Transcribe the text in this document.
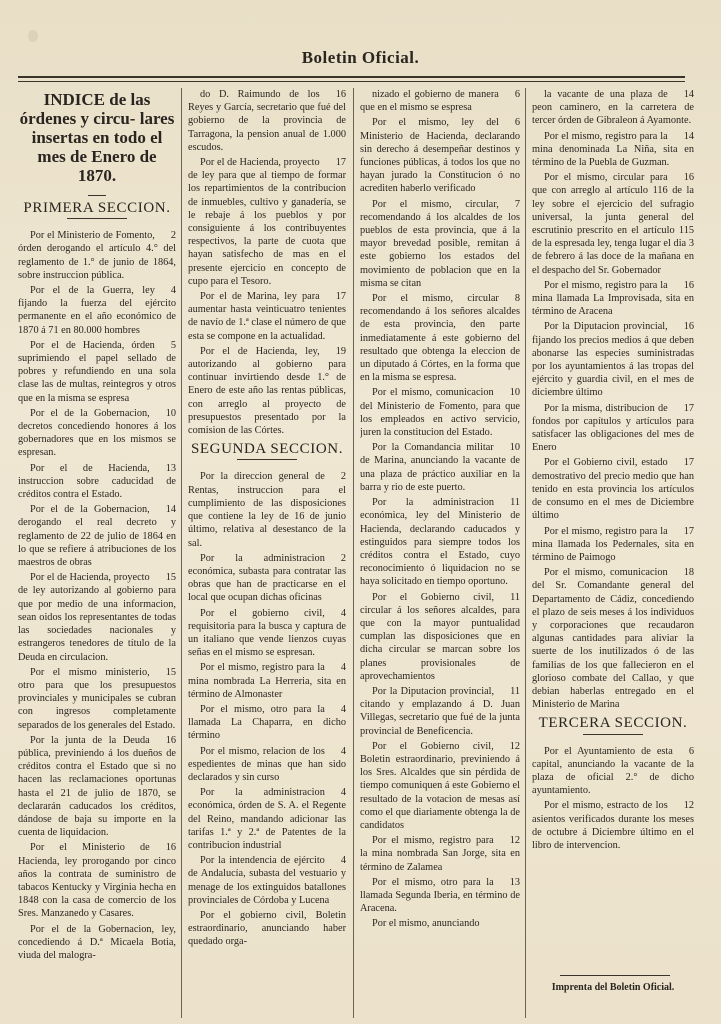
Boletin Oficial.
INDICE de las órdenes y circu- lares insertas en todo el mes de Enero de 1870.
PRIMERA SECCION.

2
Por el Ministerio de Fomento, órden derogando el artículo 4.° del reglamento de 1.° de junio de 1864, sobre instruccion pública.

4
Por el de la Guerra, ley fijando la fuerza del ejército permanente en el año económico de 1870 á 71 en 80.000 hombres

5
Por el de Hacienda, órden suprimiendo el papel sellado de pobres y refundiendo en una sola clase las de multas, reintegros y otros que en la misma se espresa

10
Por el de la Gobernacion, decretos concediendo honores á los gobernadores que en los mismos se espresan.

13
Por el de Hacienda, instruccion sobre caducidad de créditos contra el Estado.

14
Por el de la Gobernacion, derogando el real decreto y reglamento de 22 de julio de 1864 en lo que se refiere á atribuciones de los maestros de obras

15
Por el de Hacienda, proyecto de ley autorizando al gobierno para que por medio de una informacion, sean oidos los representantes de todas las sociedades nacionales y estrangeros tenedores de título de la Deuda en circulacion.

15
Por el mismo ministerio, otro para que los presupuestos provinciales y municipales se cubran con ingresos completamente separados de los generales del Estado.

16
Por la junta de la Deuda pública, previniendo á los dueños de créditos contra el Estado que si no hacen las reclamaciones oportunas hasta el 21 de julio de 1870, se declararán caducados los créditos, dándose de baja su importe en la cuenta de liquidacion.

16
Por el Ministerio de Hacienda, ley prorogando por cinco años la contrata de suministro de tabacos Kentucky y Virginia hecha en 1848 con la casa de comercio de los Sres. Manzanedo y Casares.

Por el de la Gobernacion, ley, concediendo á D.ª Micaela Botia, viuda del malogra-

16
do D. Raimundo de los Reyes y García, secretario que fué del gobierno de la provincia de Tarragona, la pension anual de 1.000 escudos.

17
Por el de Hacienda, proyecto de ley para que al tiempo de formar los repartimientos de la contribucion de inmuebles, cultivo y ganadería, se le rebaje á los pueblos y por consiguiente á los contribuyentes respectivos, la parte de cuota que hayan satisfecho de mas en el presente ejercicio en concepto de cupo para el Tesoro.

17
Por el de Marina, ley para aumentar hasta veinticuatro tenientes de navío de 1.ª clase el número de que esta se compone en la actualidad.

19
Por el de Hacienda, ley, autorizando al gobierno para continuar invirtiendo desde 1.° de Enero de este año las rentas públicas, con arreglo al proyecto de presupuestos presentado por la comision de las Córtes.

SEGUNDA SECCION.

2
Por la direccion general de Rentas, instruccion para el cumplimiento de las disposiciones que contiene la ley de 16 de junio último, relativa al desestanco de la sal.

2
Por la administracion económica, subasta para contratar las obras que han de practicarse en el local que ocupan dichas oficinas

4
Por el gobierno civil, requisitoria para la busca y captura de un italiano que vende lienzos cuyas señas en el mismo se espresan.

4
Por el mismo, registro para la mina nombrada La Herreria, sita en término de Almonaster

4
Por el mismo, otro para la llamada La Chaparra, en dicho término

4
Por el mismo, relacion de los espedientes de minas que han sido declarados y sin curso

4
Por la administracion económica, órden de S. A. el Regente del Reino, mandando adicionar las tarifas 1.ª y 2.ª de Patentes de la contribucion industrial

4
Por la intendencia de ejército de Andalucía, subasta del vestuario y menage de los extinguidos batallones provinciales de Córdoba y Lucena

Por el gobierno civil, Boletin estraordinario, anunciando haber quedado orga-

6
nizado el gobierno de manera que en el mismo se espresa

6
Por el mismo, ley del Ministerio de Hacienda, declarando sin derecho á desempeñar destinos y funciones públicas, á todos los que no hayan jurado la Constitucion ó no acrediten haberlo verificado

7
Por el mismo, circular, recomendando á los alcaldes de los pueblos de esta provincia, que á la mayor brevedad posible, remitan á este gobierno los estados del movimiento de poblacion que en la misma se citan

8
Por el mismo, circular recomendando á los señores alcaldes de esta provincia, den parte inmediatamente á este gobierno del resultado que obtenga la eleccion de un diputado á Córtes, en la forma que en la misma se espresa.

10
Por el mismo, comunicacion del Ministerio de Fomento, para que los empleados en activo servicio, juren la constitucion del Estado.

10
Por la Comandancia militar de Marina, anunciando la vacante de una plaza de práctico auxiliar en la barra y rio de este puerto.

11
Por la administracion económica, ley del Ministerio de Hacienda, declarando caducados y estinguidos para siempre todos los créditos contra el Estado, cuyo reconocimiento ó liquidacion no se haya solicitado en tiempo oportuno.

11
Por el Gobierno civil, circular á los señores alcaldes, para que con la mayor puntualidad cumplan las disposiciones que en dicha circular se marcan sobre los planes provisionales de aprovechamientos

11
Por la Diputacion provincial, citando y emplazando á D. Juan Villegas, secretario que fué de la junta provincial de Beneficencia.

12
Por el Gobierno civil, Boletin estraordinario, previniendo á los Sres. Alcaldes que sin pérdida de tiempo comuniquen á este Gobierno el resultado de la votacion de mesas así como el que diariamente obtenga la de candidatos

12
Por el mismo, registro para la mina nombrada San Jorge, sita en término de Zalamea

13
Por el mismo, otro para la llamada Segunda Iberia, en término de Aracena.

Por el mismo, anunciando

14
la vacante de una plaza de peon caminero, en la carretera de tercer órden de Gibraleon á Ayamonte.

14
Por el mismo, registro para la mina denominada La Niña, sita en término de la Puebla de Guzman.

16
Por el mismo, circular para que con arreglo al artículo 116 de la ley sobre el ejercicio del sufragio universal, la junta general del escrutinio prescrito en el artículo 115 de la espresada ley, tenga lugar el dia 3 de febrero á las doce de la mañana en el despacho del Sr. Gobernador

16
Por el mismo, registro para la mina llamada La Improvisada, sita en término de Aracena

16
Por la Diputacion provincial, fijando los precios medios á que deben abonarse las especies suministradas por los ayuntamientos á las tropas del ejército y guardia civil, en el mes de diciembre último

17
Por la misma, distribucion de fondos por capítulos y artículos para satisfacer las obligaciones del mes de Enero

17
Por el Gobierno civil, estado demostrativo del precio medio que han tenido en esta provincia los artículos de consumo en el mes de Diciembre último

17
Por el mismo, registro para la mina llamada los Pedernales, sita en término de Paimogo

18
Por el mismo, comunicacion del Sr. Comandante general del Departamento de Cádiz, concediendo el plazo de seis meses á los individuos y corporaciones que recaudaron algunas cantidades para aliviar la suerte de los inutilizados ó de las familias de los que fallecieron en el glorioso combate del Callao, y que debian haberlas entregado en el Ministerio de Marina

TERCERA SECCION.

6
Por el Ayuntamiento de esta capital, anunciando la vacante de la plaza de oficial 2.° de dicho ayuntamiento.

12
Por el mismo, estracto de los asientos verificados durante los meses de octubre á Diciembre último en el libro de intervencion.

Imprenta del Boletin Oficial.
